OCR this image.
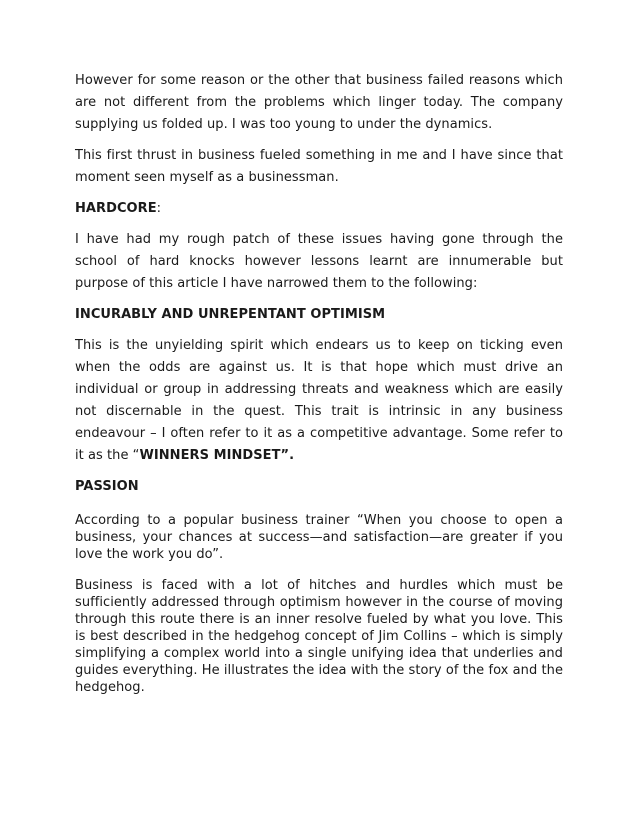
However for some reason or the other that business failed reasons which are not different from the problems which linger today. The company supplying us folded up. I was too young to under the dynamics.

This first thrust in business fueled something in me and I have since that moment seen myself as a businessman.

HARDCORE:

I have had my rough patch of these issues having gone through the school of hard knocks however lessons learnt are innumerable but purpose of this article I have narrowed them to the following:

INCURABLY AND UNREPENTANT OPTIMISM

This is the unyielding spirit which endears us to keep on ticking even when the odds are against us. It is that hope which must drive an individual or group in addressing threats and weakness which are easily not discernable in the quest. This trait is intrinsic in any business endeavour – I often refer to it as a competitive advantage. Some refer to it as the “WINNERS MINDSET”.

PASSION

According to a popular business trainer “When you choose to open a business, your chances at success—and satisfaction—are greater if you love the work you do”.

Business is faced with a lot of hitches and hurdles which must be sufficiently addressed through optimism however in the course of moving through this route there is an inner resolve fueled by what you love. This is best described in the hedgehog concept of Jim Collins – which is simply simplifying a complex world into a single unifying idea that underlies and guides everything. He illustrates the idea with the story of the fox and the hedgehog.
